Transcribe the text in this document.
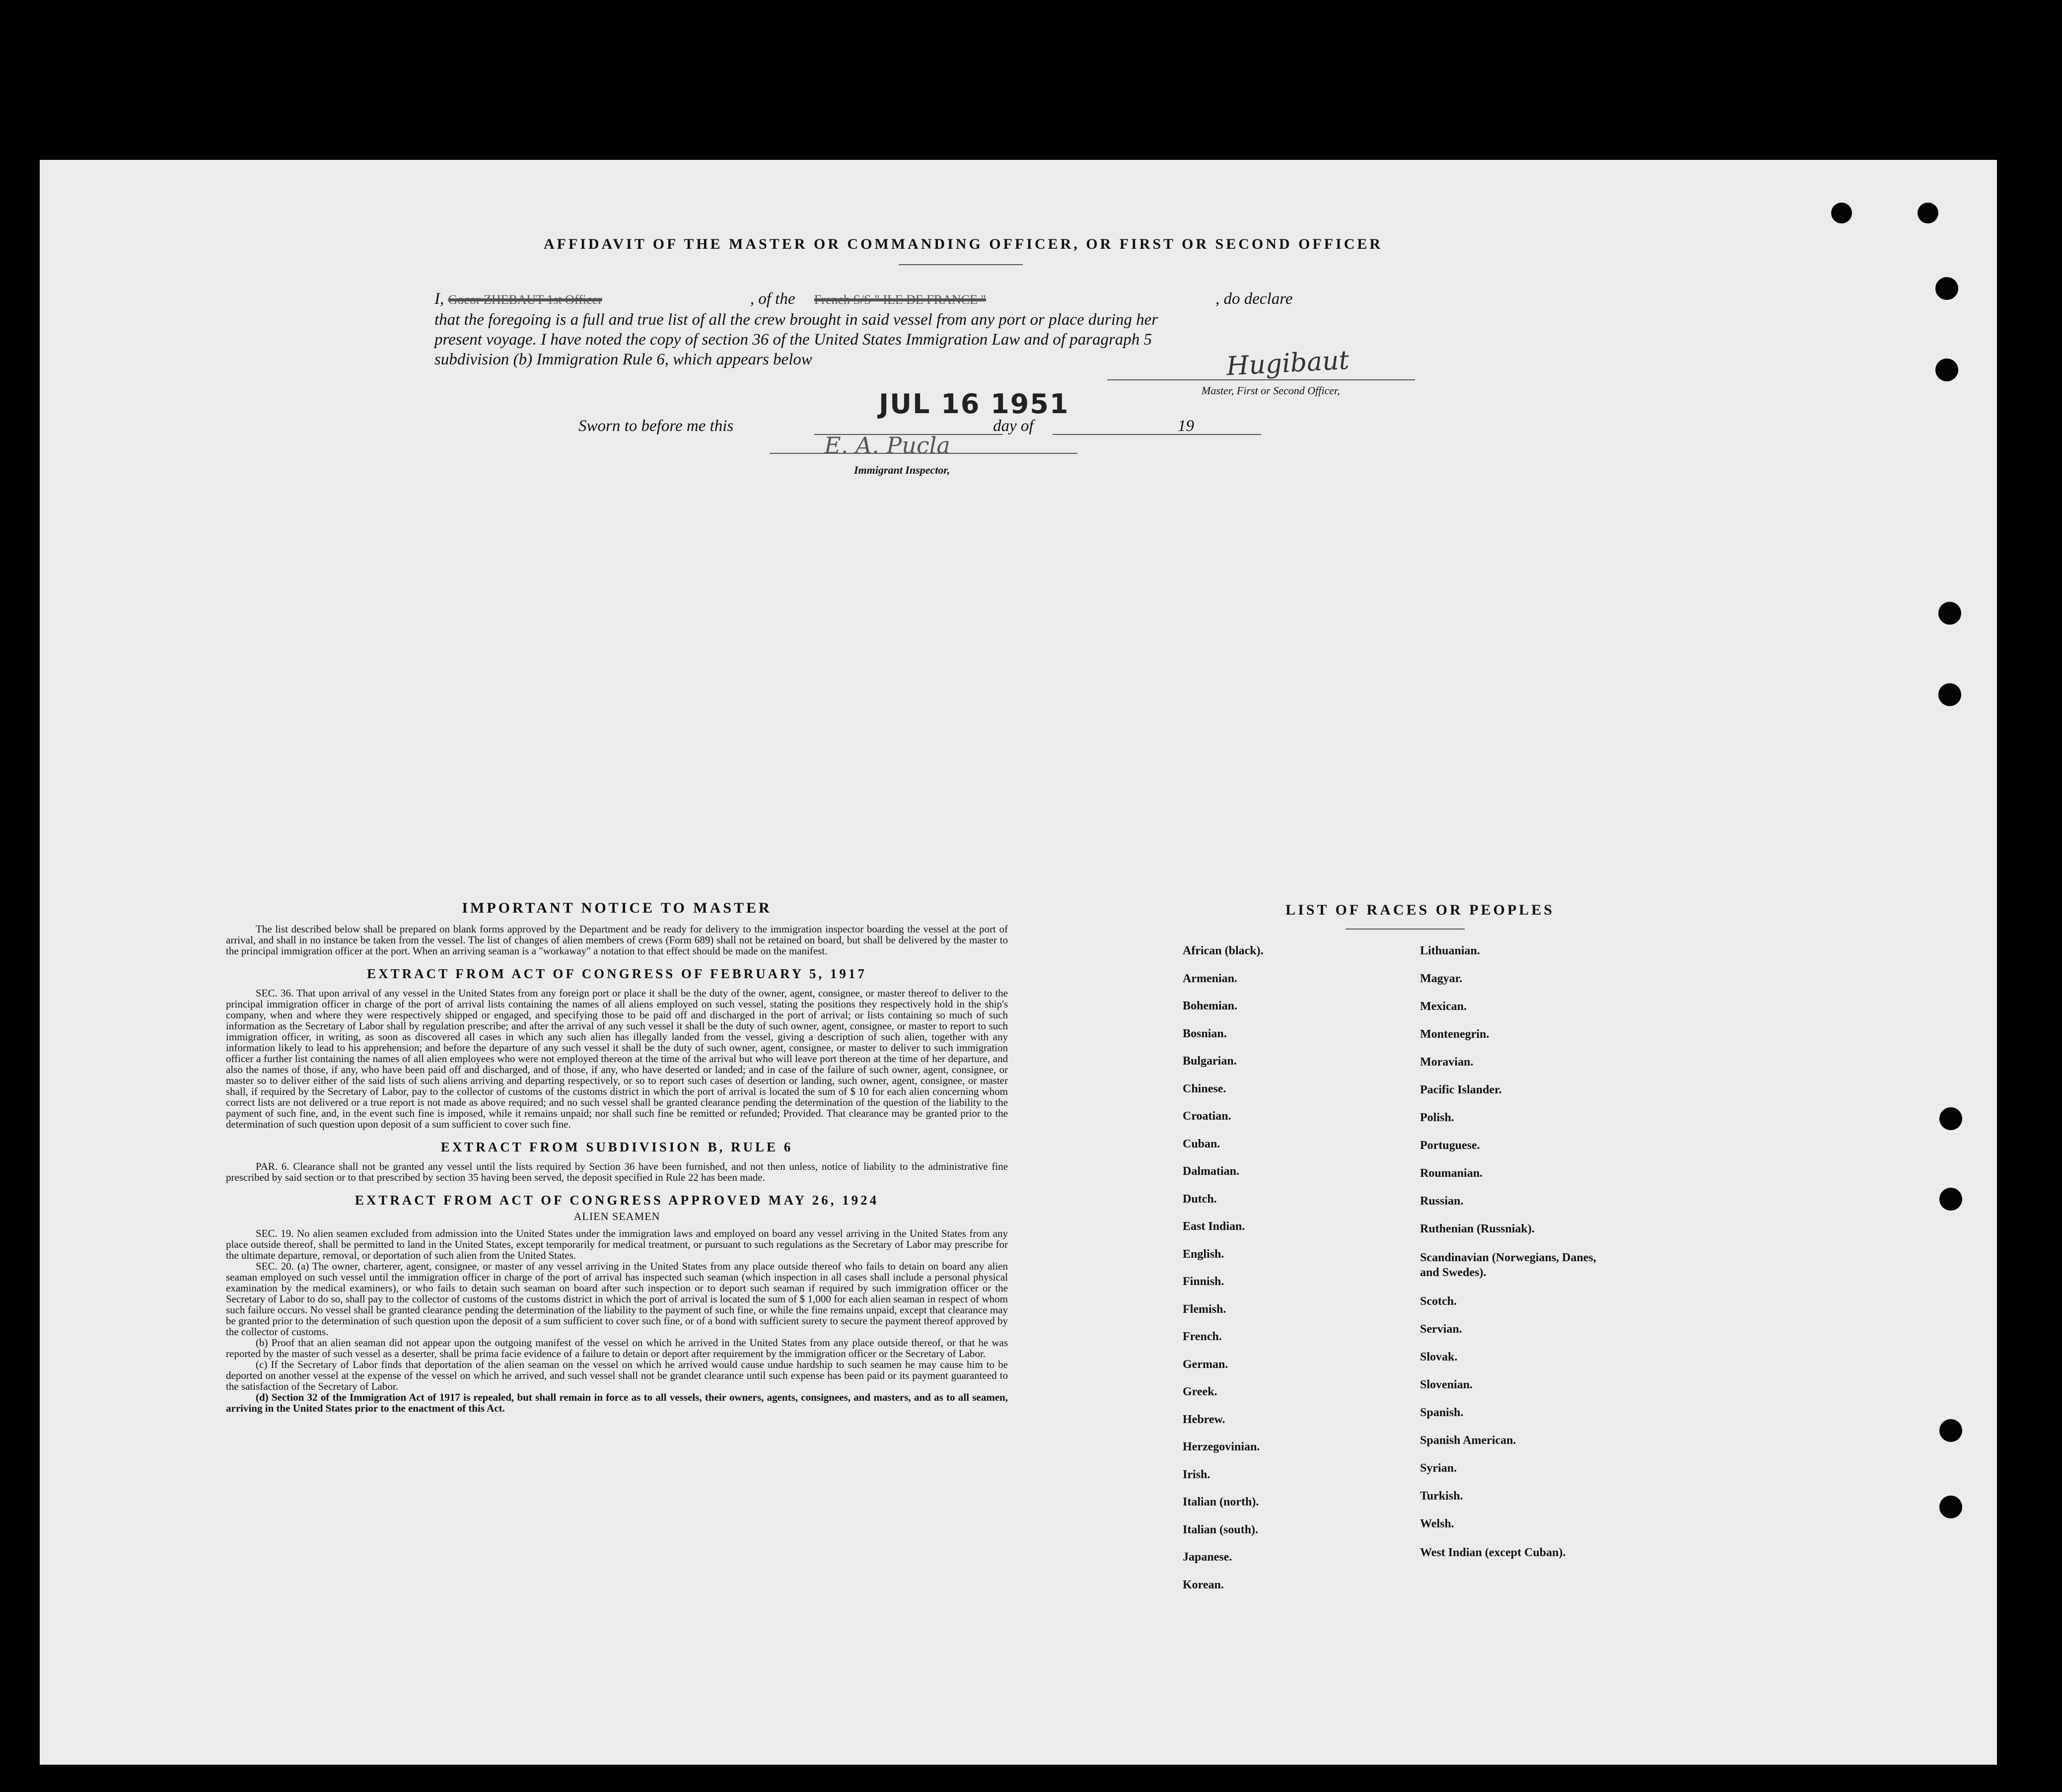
AFFIDAVIT OF THE MASTER OR COMMANDING OFFICER, OR FIRST OR SECOND OFFICER
I, Gocor ZHEBAUT 1st Officer	, of the French S/S " ILE DE FRANCE "	, do declare
that the foregoing is a full and true list of all the crew brought in said vessel from any port or place during her
present voyage. I have noted the copy of section 36 of the United States Immigration Law and of paragraph 5
subdivision (b) Immigration Rule 6, which appears below	Hugibaut
Master, First or Second Officer,
Sworn to before me this
JUL 16 1951
day of	19
E. A. Pucla
Immigrant Inspector,
IMPORTANT NOTICE TO MASTER
The list described below shall be prepared on blank forms approved by the Department and be ready for delivery to the immigration inspector boarding the vessel at the port of arrival, and shall in no instance be taken from the vessel. The list of changes of alien members of crews (Form 689) shall not be retained on board, but shall be delivered by the master to the principal immigration officer at the port. When an arriving seaman is a "workaway" a notation to that effect should be made on the manifest.
EXTRACT FROM ACT OF CONGRESS OF FEBRUARY 5, 1917
SEC. 36. That upon arrival of any vessel in the United States from any foreign port or place it shall be the duty of the owner, agent, consignee, or master thereof to deliver to the principal immigration officer in charge of the port of arrival lists containing the names of all aliens employed on such vessel, stating the positions they respectively hold in the ship's company, when and where they were respectively shipped or engaged, and specifying those to be paid off and discharged in the port of arrival; or lists containing so much of such information as the Secretary of Labor shall by regulation prescribe; and after the arrival of any such vessel it shall be the duty of such owner, agent, consignee, or master to report to such immigration officer, in writing, as soon as discovered all cases in which any such alien has illegally landed from the vessel, giving a description of such alien, together with any information likely to lead to his apprehension; and before the departure of any such vessel it shall be the duty of such owner, agent, consignee, or master to deliver to such immigration officer a further list containing the names of all alien employees who were not employed thereon at the time of the arrival but who will leave port thereon at the time of her departure, and also the names of those, if any, who have been paid off and discharged, and of those, if any, who have deserted or landed; and in case of the failure of such owner, agent, consignee, or master so to deliver either of the said lists of such aliens arriving and departing respectively, or so to report such cases of desertion or landing, such owner, agent, consignee, or master shall, if required by the Secretary of Labor, pay to the collector of customs of the customs district in which the port of arrival is located the sum of $ 10 for each alien concerning whom correct lists are not delivered or a true report is not made as above required; and no such vessel shall be granted clearance pending the determination of the question of the liability to the payment of such fine, and, in the event such fine is imposed, while it remains unpaid; nor shall such fine be remitted or refunded; Provided. That clearance may be granted prior to the determination of such question upon deposit of a sum sufficient to cover such fine.
EXTRACT FROM SUBDIVISION B, RULE 6
PAR. 6. Clearance shall not be granted any vessel until the lists required by Section 36 have been furnished, and not then unless, notice of liability to the administrative fine prescribed by said section or to that prescribed by section 35 having been served, the deposit specified in Rule 22 has been made.
EXTRACT FROM ACT OF CONGRESS APPROVED MAY 26, 1924
ALIEN SEAMEN
SEC. 19. No alien seamen excluded from admission into the United States under the immigration laws and employed on board any vessel arriving in the United States from any place outside thereof, shall be permitted to land in the United States, except temporarily for medical treatment, or pursuant to such regulations as the Secretary of Labor may prescribe for the ultimate departure, removal, or deportation of such alien from the United States.
SEC. 20. (a) The owner, charterer, agent, consignee, or master of any vessel arriving in the United States from any place outside thereof who fails to detain on board any alien seaman employed on such vessel until the immigration officer in charge of the port of arrival has inspected such seaman (which inspection in all cases shall include a personal physical examination by the medical examiners), or who fails to detain such seaman on board after such inspection or to deport such seaman if required by such immigration officer or the Secretary of Labor to do so, shall pay to the collector of customs of the customs district in which the port of arrival is located the sum of $ 1,000 for each alien seaman in respect of whom such failure occurs. No vessel shall be granted clearance pending the determination of the liability to the payment of such fine, or while the fine remains unpaid, except that clearance may be granted prior to the determination of such question upon the deposit of a sum sufficient to cover such fine, or of a bond with sufficient surety to secure the payment thereof approved by the collector of customs.
(b) Proof that an alien seaman did not appear upon the outgoing manifest of the vessel on which he arrived in the United States from any place outside thereof, or that he was reported by the master of such vessel as a deserter, shall be prima facie evidence of a failure to detain or deport after requirement by the immigration officer or the Secretary of Labor.
(c) If the Secretary of Labor finds that deportation of the alien seaman on the vessel on which he arrived would cause undue hardship to such seamen he may cause him to be deported on another vessel at the expense of the vessel on which he arrived, and such vessel shall not be grandet clearance until such expense has been paid or its payment guaranteed to the satisfaction of the Secretary of Labor.
(d) Section 32 of the Immigration Act of 1917 is repealed, but shall remain in force as to all vessels, their owners, agents, consignees, and masters, and as to all seamen, arriving in the United States prior to the enactment of this Act.
LIST OF RACES OR PEOPLES
African (black).
Armenian.
Bohemian.
Bosnian.
Bulgarian.
Chinese.
Croatian.
Cuban.
Dalmatian.
Dutch.
East Indian.
English.
Finnish.
Flemish.
French.
German.
Greek.
Hebrew.
Herzegovinian.
Irish.
Italian (north).
Italian (south).
Japanese.
Korean.
Lithuanian.
Magyar.
Mexican.
Montenegrin.
Moravian.
Pacific Islander.
Polish.
Portuguese.
Roumanian.
Russian.
Ruthenian (Russniak).
Scandinavian (Norwegians, Danes, and Swedes).
Scotch.
Servian.
Slovak.
Slovenian.
Spanish.
Spanish American.
Syrian.
Turkish.
Welsh.
West Indian (except Cuban).
